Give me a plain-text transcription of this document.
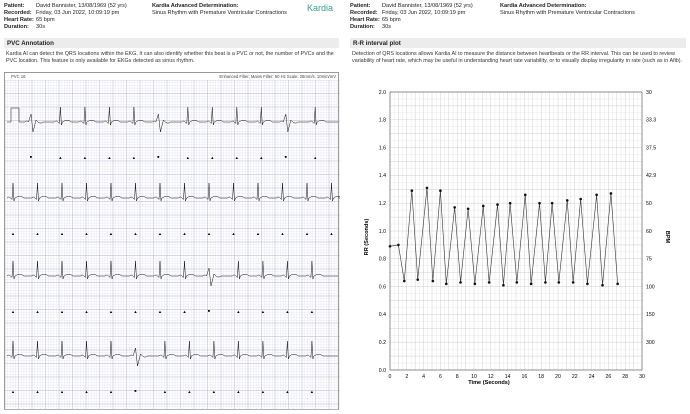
Patient: David Bannister, 13/08/1969 (52 yrs)
Recorded: Friday, 03 Jun 2022, 10:09:19 pm
Heart Rate: 65 bpm
Duration: 30s
Kardia Advanced Determination:
Sinus Rhythm with Premature Ventricular Contractions Kardia
PVC Annotation
Kardia AI can detect the QRS locations within the EKG. It can also identify whether this beat is a PVC or not, the number of PVCs and the PVC location. This feature is only available for EKGs detected as sinus rhythm.
PVC 16	Enhanced Filter, Mains Filter: 50 Hz Scale: 25mm/s, 10mm/mV
Patient: David Bannister, 13/08/1969 (52 yrs)
Recorded: Friday, 03 Jun 2022, 10:09:19 pm
Heart Rate: 65 bpm
Duration: 30s
Kardia Advanced Determination:
Sinus Rhythm with Premature Ventricular Contractions
R-R interval plot
Detection of QRS locations allows Kardia AI to measure the distance between heartbeats or the RR interval. This can be used to review variability of heart rate, which may be useful in understanding heart rate variability, or to visually display irregularity in rate (such as in Afib).
0	2	4	6	8 10 12 14 16 18 20 22 24 26 28 30
0.0
0.2
0.4
0.6
0.8
1.0
1.2
1.4
1.6
1.8
2.0	30
33.3
37.5
42.9
50
60
75
100
150
300
Time (Seconds)
RR (Seconds)	BPM
